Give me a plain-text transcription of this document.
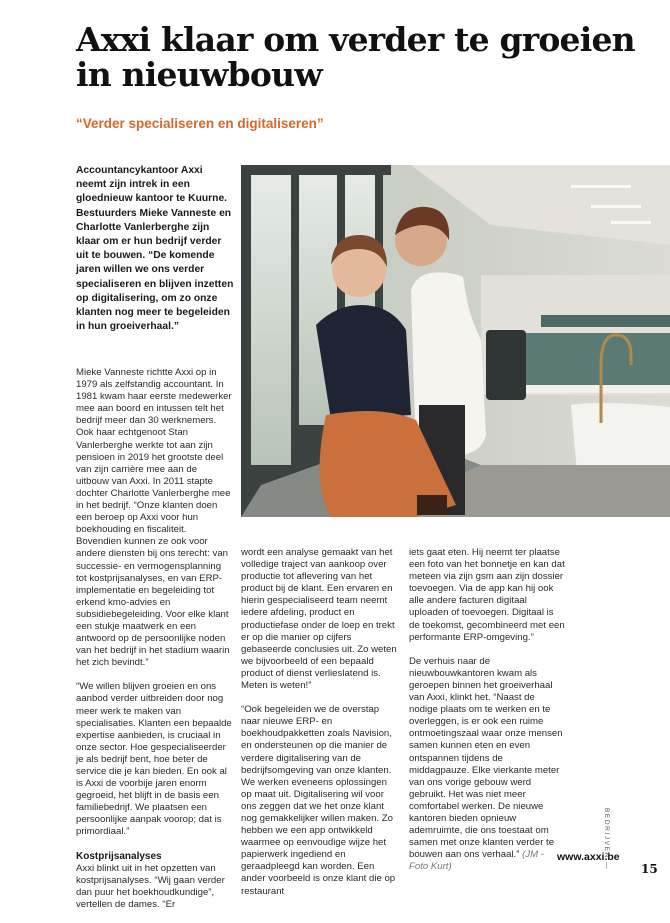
Axxi klaar om verder te groeien in nieuwbouw
“Verder specialiseren en digitaliseren”

Accountancykantoor Axxi neemt zijn intrek in een gloednieuw kantoor te Kuurne. Bestuurders Mieke Vanneste en Charlotte Vanlerberghe zijn klaar om er hun bedrijf verder uit te bouwen. “De komende jaren willen we ons verder specialiseren en blijven inzetten op digitalisering, om zo onze klanten nog meer te begeleiden in hun groeiverhaal.”

Charlotte Vanlerberghe en Mieke Vanneste.

Mieke Vanneste richtte Axxi op in 1979 als zelfstandig accountant. In 1981 kwam haar eerste medewerker mee aan boord en intussen telt het bedrijf meer dan 30 werknemers. Ook haar echtgenoot Stan Vanlerberghe werkte tot aan zijn pensioen in 2019 het grootste deel van zijn carrière mee aan de uitbouw van Axxi. In 2011 stapte dochter Charlotte Vanlerberghe mee in het bedrijf. “Onze klanten doen een beroep op Axxi voor hun boekhouding en fiscaliteit. Bovendien kunnen ze ook voor andere diensten bij ons terecht: van successie- en vermogensplanning tot kostprijsanalyses, en van ERP-implementatie en begeleiding tot erkend kmo-advies en subsidiebegeleiding. Voor elke klant een stukje maatwerk en een antwoord op de persoonlijke noden van het bedrijf in het stadium waarin het zich bevindt.”

“We willen blijven groeien en ons aanbod verder uitbreiden door nog meer werk te maken van specialisaties. Klanten een bepaalde expertise aanbieden, is cruciaal in onze sector. Hoe gespecialiseerder je als bedrijf bent, hoe beter de service die je kan bieden. En ook al is Axxi de voorbije jaren enorm gegroeid, het blijft in de basis een familiebedrijf. We plaatsen een persoonlijke aanpak voorop; dat is primordiaal.”

Kostprijsanalyses

Axxi blinkt uit in het opzetten van kostprijsanalyses. “Wij gaan verder dan puur het boekhoudkundige”, vertellen de dames. “Er

wordt een analyse gemaakt van het volledige traject van aankoop over productie tot aflevering van het product bij de klant. Een ervaren en hierin gespecialiseerd team neemt iedere afdeling, product en productiefase onder de loep en trekt er op die manier op cijfers gebaseerde conclusies uit. Zo weten we bijvoorbeeld of een bepaald product of dienst verlieslatend is. Meten is weten!”

“Ook begeleiden we de overstap naar nieuwe ERP- en boekhoudpakketten zoals Navision, en ondersteunen op die manier de verdere digitalisering van de bedrijfsomgeving van onze klanten. We werken eveneens oplossingen op maat uit. Digitalisering wil voor ons zeggen dat we het onze klant nog gemakkelijker willen maken. Zo hebben we een app ontwikkeld waarmee op eenvoudige wijze het papierwerk ingediend en geraadpleegd kan worden. Een ander voorbeeld is onze klant die op restaurant

iets gaat eten. Hij neemt ter plaatse een foto van het bonnetje en kan dat meteen via zijn gsm aan zijn dossier toevoegen. Via de app kan hij ook alle andere facturen digitaal uploaden of toevoegen. Digitaal is de toekomst, gecombineerd met een performante ERP-omgeving.”

De verhuis naar de nieuwbouwkantoren kwam als geroepen binnen het groeiverhaal van Axxi, klinkt het. “Naast de nodige plaats om te werken en te overleggen, is er ook een ruime ontmoetingszaal waar onze mensen samen kunnen eten en even ontspannen tijdens de middagpauze. Elke vierkante meter van ons vorige gebouw werd gebruikt. Het was niet meer comfortabel werken. De nieuwe kantoren bieden opnieuw ademruimte, die ons toestaat om samen met onze klanten verder te bouwen aan ons verhaal.” (JM - Foto Kurt)

www.axxi.be
BEDRIJVEN —	15
